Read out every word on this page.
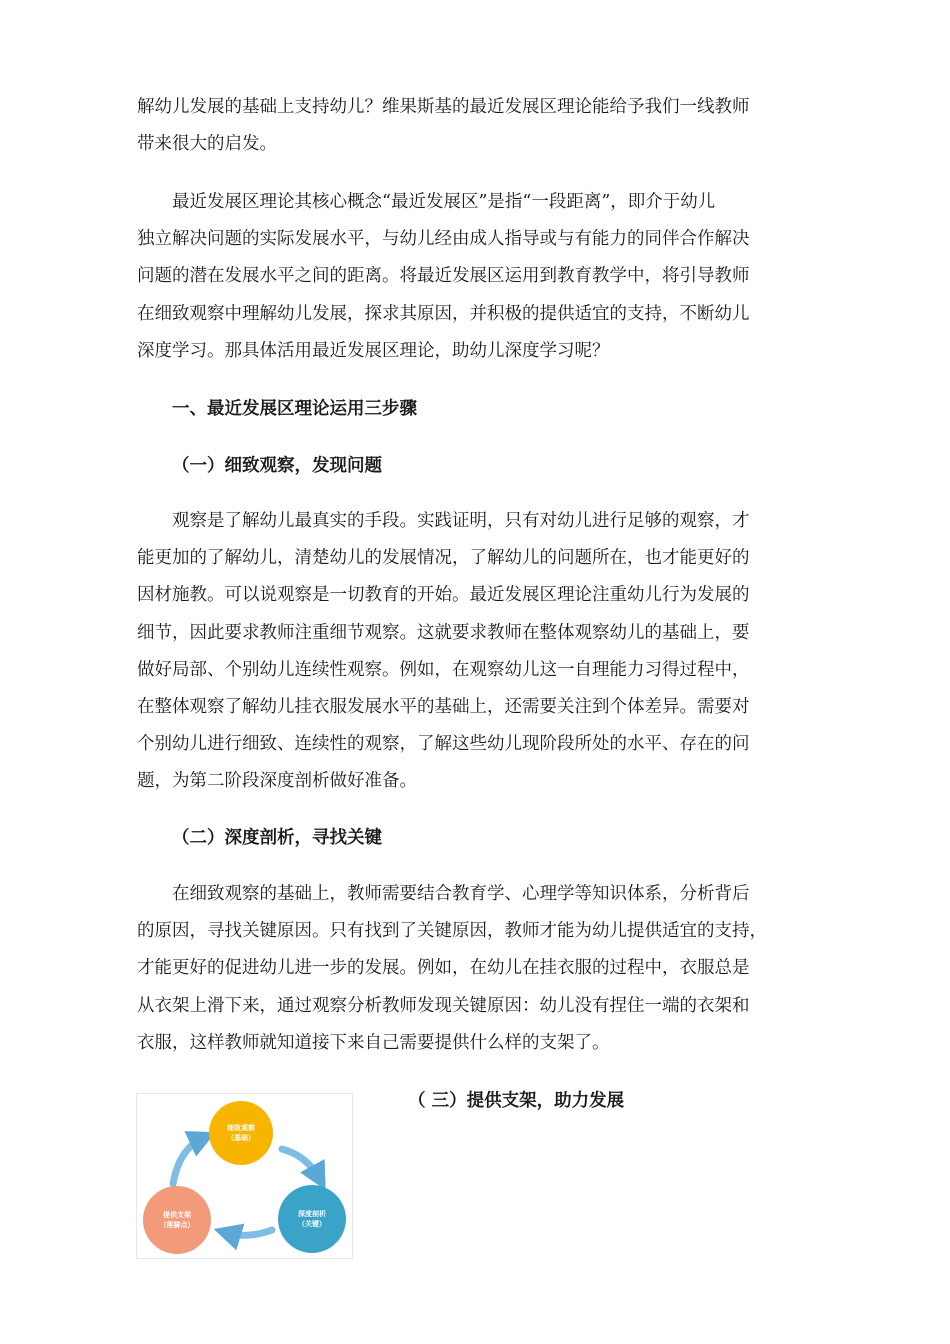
解幼儿发展的基础上支持幼儿？维果斯基的最近发展区理论能给予我们一线教师
带来很大的启发。

最近发展区理论其核心概念“最近发展区”是指“一段距离”，即介于幼儿
独立解决问题的实际发展水平，与幼儿经由成人指导或与有能力的同伴合作解决
问题的潜在发展水平之间的距离。将最近发展区运用到教育教学中，将引导教师
在细致观察中理解幼儿发展，探求其原因，并积极的提供适宜的支持，不断幼儿
深度学习。那具体活用最近发展区理论，助幼儿深度学习呢？

一、最近发展区理论运用三步骤
（一）细致观察，发现问题

观察是了解幼儿最真实的手段。实践证明，只有对幼儿进行足够的观察，才
能更加的了解幼儿，清楚幼儿的发展情况，了解幼儿的问题所在，也才能更好的
因材施教。可以说观察是一切教育的开始。最近发展区理论注重幼儿行为发展的
细节，因此要求教师注重细节观察。这就要求教师在整体观察幼儿的基础上，要
做好局部、个别幼儿连续性观察。例如，在观察幼儿这一自理能力习得过程中，
在整体观察了解幼儿挂衣服发展水平的基础上，还需要关注到个体差异。需要对
个别幼儿进行细致、连续性的观察，了解这些幼儿现阶段所处的水平、存在的问
题，为第二阶段深度剖析做好准备。

（二）深度剖析，寻找关键

在细致观察的基础上，教师需要结合教育学、心理学等知识体系，分析背后
的原因，寻找关键原因。只有找到了关键原因，教师才能为幼儿提供适宜的支持，
才能更好的促进幼儿进一步的发展。例如，在幼儿在挂衣服的过程中，衣服总是
从衣架上滑下来，通过观察分析教师发现关键原因：幼儿没有捏住一端的衣架和
衣服，这样教师就知道接下来自己需要提供什么样的支架了。

（ 三）提供支架，助力发展
细致观察
（基础）
深度剖析
（关键）
提供支架
（落脚点）
